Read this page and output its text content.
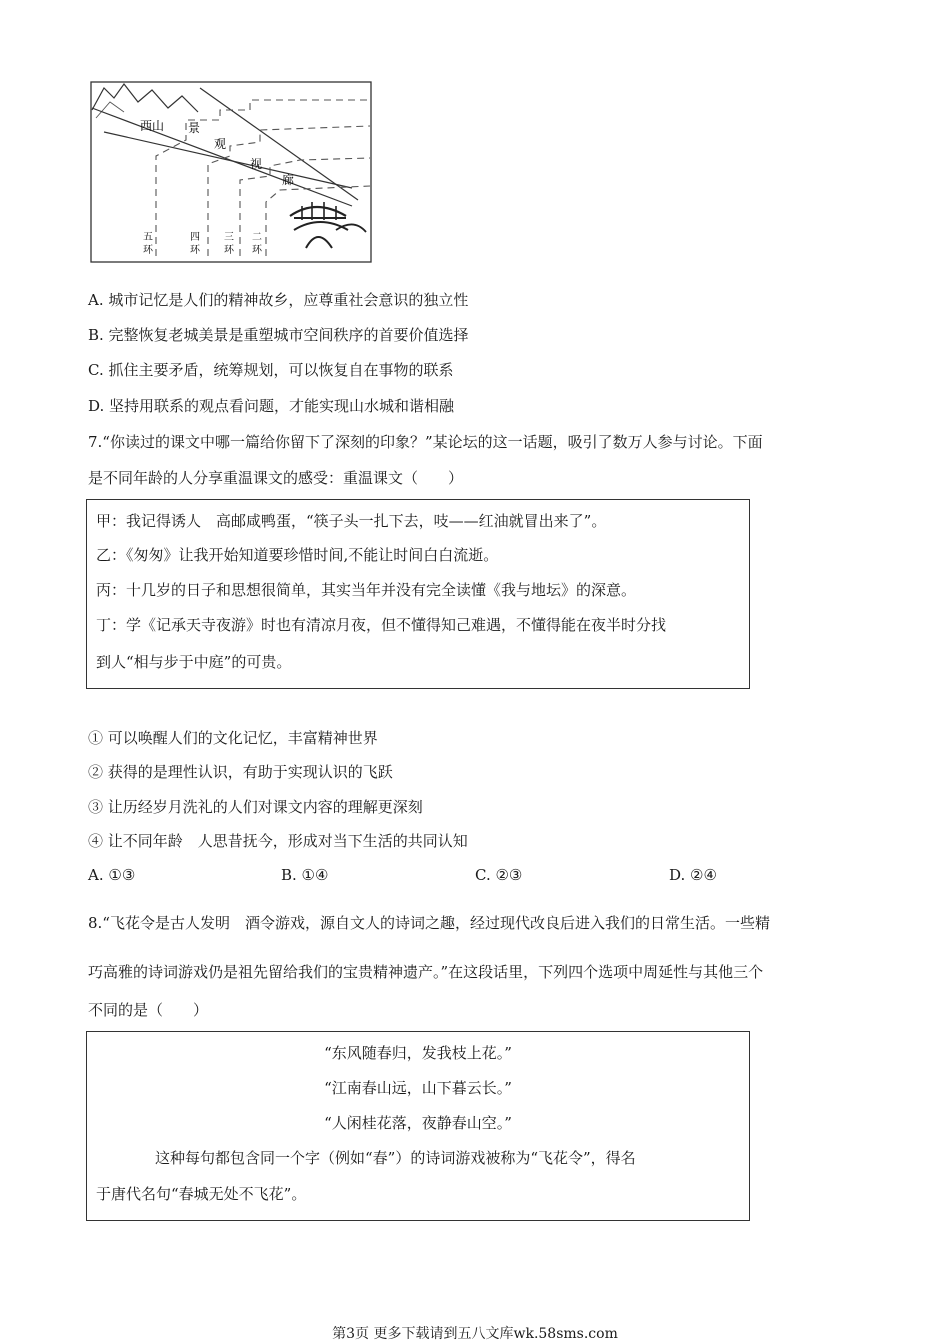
西山 景
观
视
廊
五
环
四
环
三
环
二
环
A. 城市记忆是人们的精神故乡，应尊重社会意识的独立性
B. 完整恢复老城美景是重塑城市空间秩序的首要价值选择
C. 抓住主要矛盾，统筹规划，可以恢复自在事物的联系
D. 坚持用联系的观点看问题，才能实现山水城和谐相融
7.“你读过的课文中哪一篇给你留下了深刻的印象？”某论坛的这一话题，吸引了数万人参与讨论。下面
是不同年龄的人分享重温课文的感受：重温课文（　　）
甲：我记得诱人　高邮咸鸭蛋，“筷子头一扎下去，吱——红油就冒出来了”。
乙：《匆匆》让我开始知道要珍惜时间,不能让时间白白流逝。
丙：十几岁的日子和思想很简单，其实当年并没有完全读懂《我与地坛》的深意。
丁：学《记承天寺夜游》时也有清凉月夜，但不懂得知己难遇，不懂得能在夜半时分找
到人“相与步于中庭”的可贵。
① 可以唤醒人们的文化记忆，丰富精神世界
② 获得的是理性认识，有助于实现认识的飞跃
③ 让历经岁月洗礼的人们对课文内容的理解更深刻
④ 让不同年龄　人思昔抚今，形成对当下生活的共同认知
A. ①③	B. ①④	C. ②③	D. ②④
8.“飞花令是古人发明　酒令游戏，源自文人的诗词之趣，经过现代改良后进入我们的日常生活。一些精
巧高雅的诗词游戏仍是祖先留给我们的宝贵精神遗产。”在这段话里，下列四个选项中周延性与其他三个
不同的是（　　）
“东风随春归，发我枝上花。”
“江南春山远，山下暮云长。”
“人闲桂花落，夜静春山空。”
这种每句都包含同一个字（例如“春”）的诗词游戏被称为“飞花令”，得名
于唐代名句“春城无处不飞花”。
第3页 更多下载请到五八文库wk.58sms.com
